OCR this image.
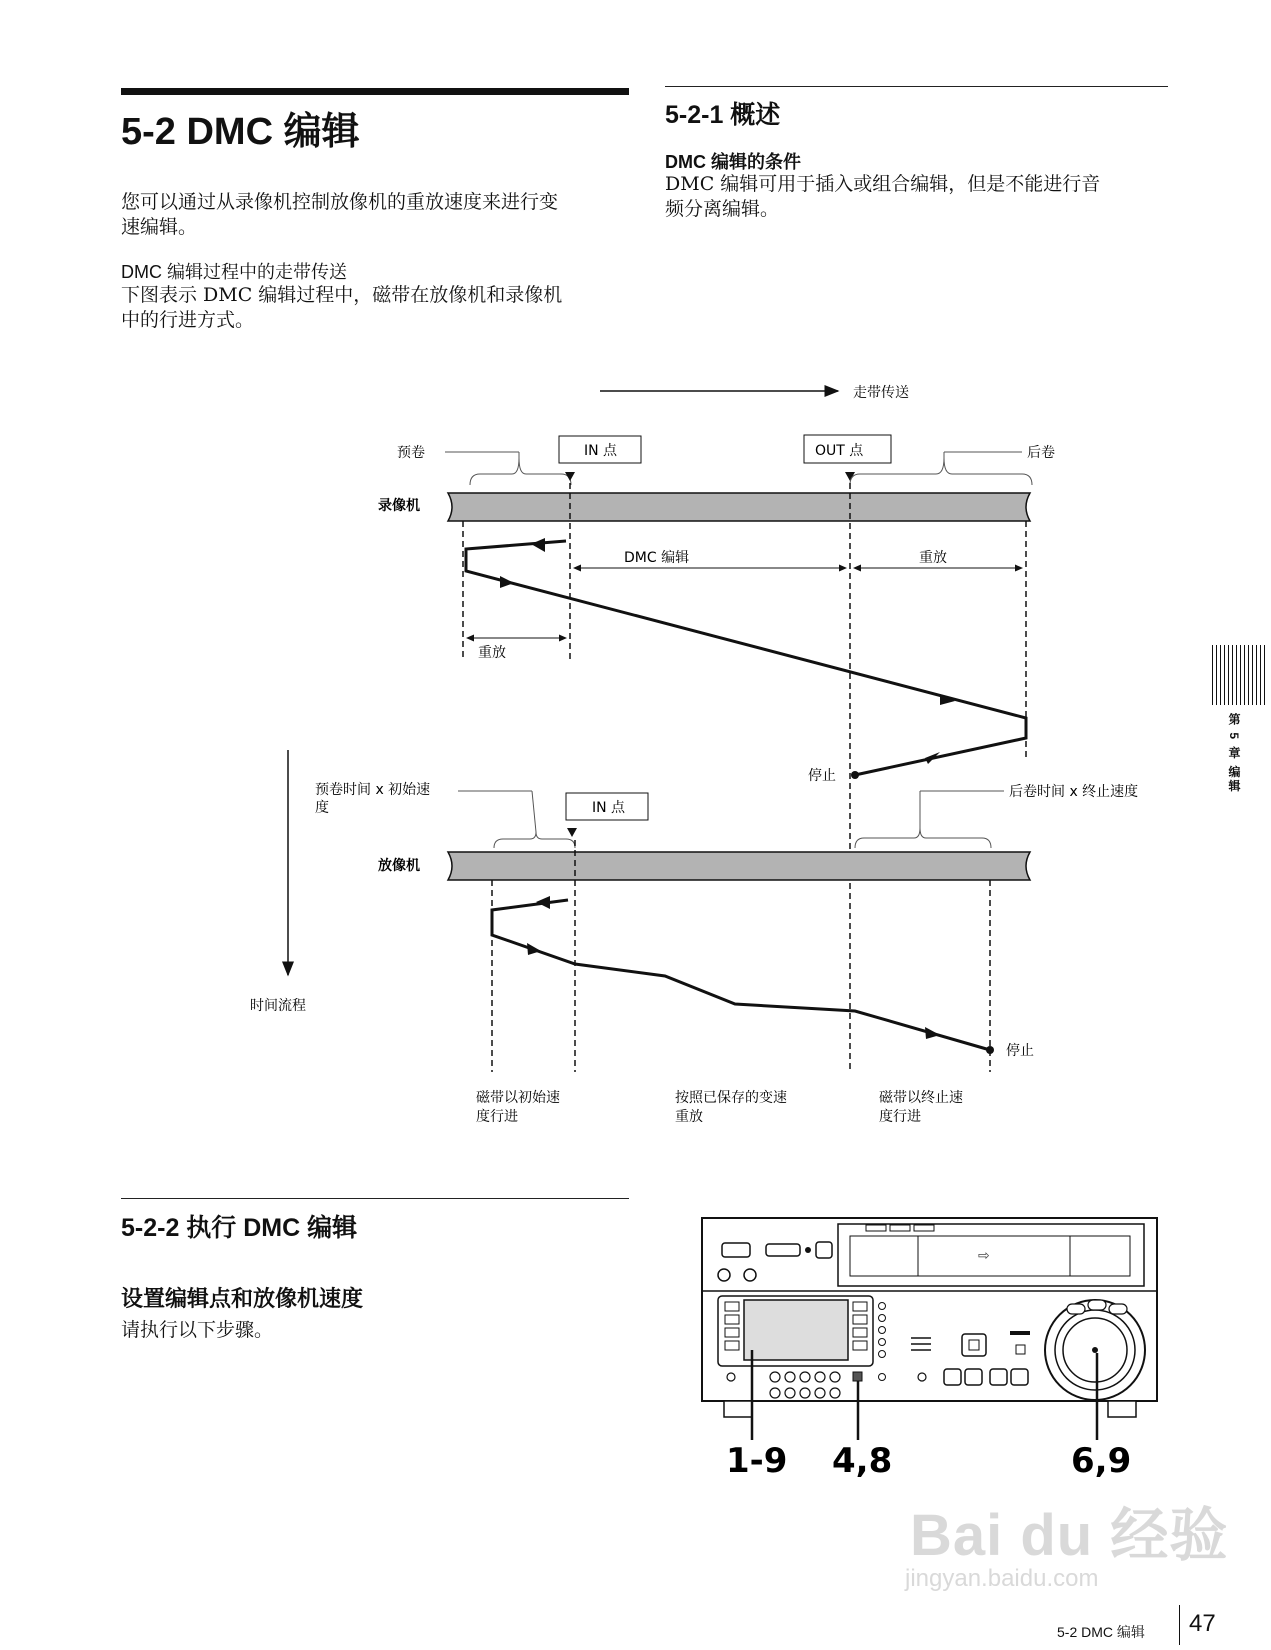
5-2 DMC 编辑
您可以通过从录像机控制放像机的重放速度来进行变
速编辑。
DMC 编辑过程中的走带传送
下图表示 DMC 编辑过程中，磁带在放像机和录像机
中的行进方式。
5-2-1 概述
DMC 编辑的条件
DMC 编辑可用于插入或组合编辑，但是不能进行音
频分离编辑。
走带传送
预卷	IN 点	OUT 点	后卷
录像机
DMC 编辑	重放
重放
停止
时间流程
预卷时间 x 初始速
度	IN 点
后卷时间 x 终止速度
放像机
停止
磁带以初始速
度行进
按照已保存的变速
重放
磁带以终止速
度行进
5-2-2 执行 DMC 编辑
设置编辑点和放像机速度
请执行以下步骤。
⇨
1-9 4,8	6,9
第 5 章 编辑
Bai du 经验
jingyan.baidu.com
5-2 DMC 编辑 47
